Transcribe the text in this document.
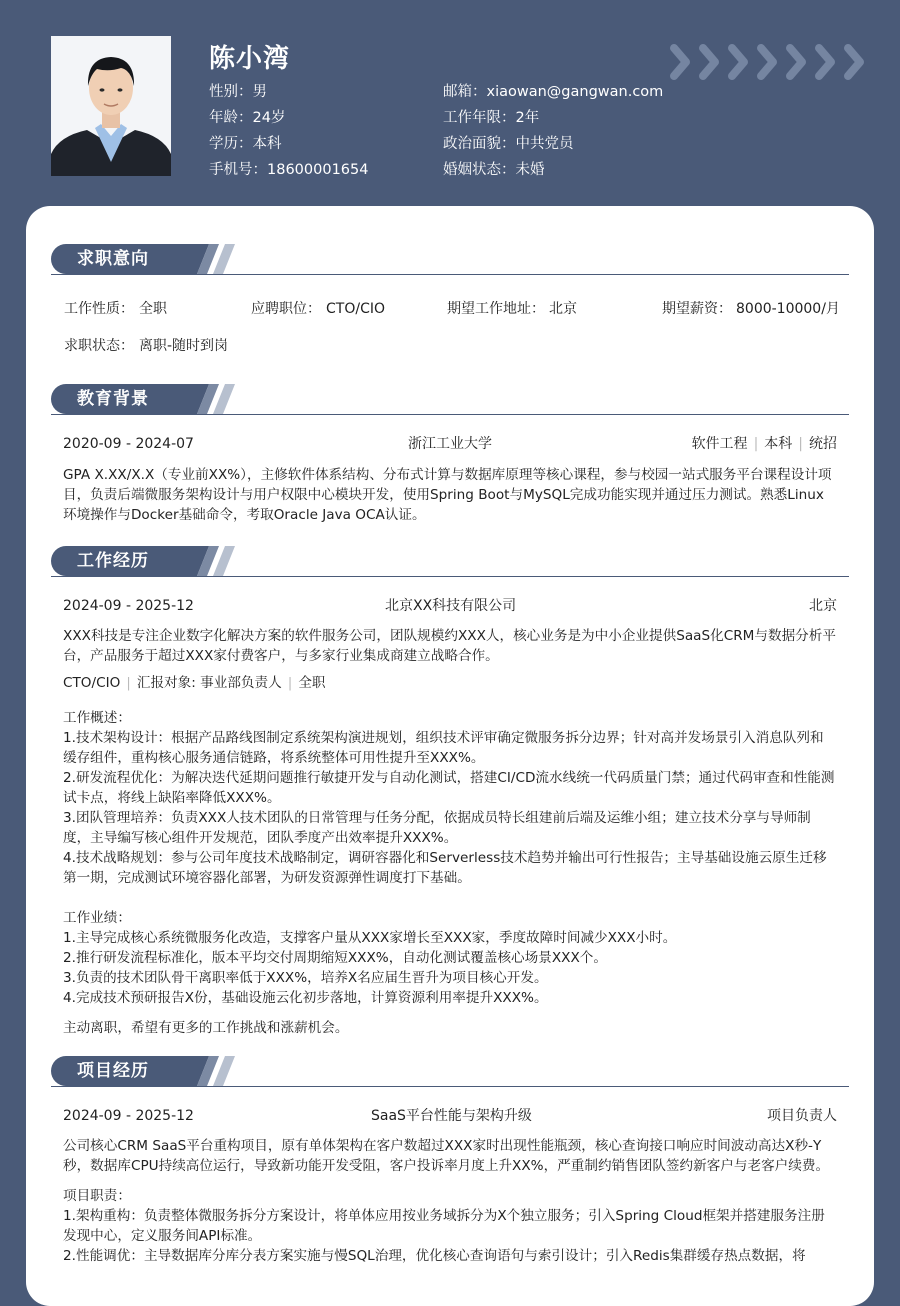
陈小湾
性别：男
年龄：24岁
学历：本科
手机号：18600001654
邮箱：xiaowan@gangwan.com
工作年限：2年
政治面貌：中共党员
婚姻状态：未婚
求职意向
工作性质： 全职	应聘职位： CTO/CIO	期望工作地址： 北京	期望薪资： 8000-10000/月
求职状态： 离职-随时到岗
教育背景
2020-09 - 2024-07	浙江工业大学	软件工程 | 本科 | 统招
GPA X.XX/X.X（专业前XX%），主修软件体系结构、分布式计算与数据库原理等核心课程，参与校园一站式服务平台课程设计项目，负责后端微服务架构设计与用户权限中心模块开发，使用Spring Boot与MySQL完成功能实现并通过压力测试。熟悉Linux环境操作与Docker基础命令，考取Oracle Java OCA认证。
工作经历
2024-09 - 2025-12	北京XX科技有限公司	北京
XXX科技是专注企业数字化解决方案的软件服务公司，团队规模约XXX人，核心业务是为中小企业提供SaaS化CRM与数据分析平台，产品服务于超过XXX家付费客户，与多家行业集成商建立战略合作。
CTO/CIO | 汇报对象: 事业部负责人 | 全职
工作概述：
1.技术架构设计：根据产品路线图制定系统架构演进规划，组织技术评审确定微服务拆分边界；针对高并发场景引入消息队列和缓存组件，重构核心服务通信链路，将系统整体可用性提升至XXX%。
2.研发流程优化：为解决迭代延期问题推行敏捷开发与自动化测试，搭建CI/CD流水线统一代码质量门禁；通过代码审查和性能测试卡点，将线上缺陷率降低XXX%。
3.团队管理培养：负责XXX人技术团队的日常管理与任务分配，依据成员特长组建前后端及运维小组；建立技术分享与导师制度，主导编写核心组件开发规范，团队季度产出效率提升XXX%。
4.技术战略规划：参与公司年度技术战略制定，调研容器化和Serverless技术趋势并输出可行性报告；主导基础设施云原生迁移第一期，完成测试环境容器化部署，为研发资源弹性调度打下基础。
工作业绩：
1.主导完成核心系统微服务化改造，支撑客户量从XXX家增长至XXX家，季度故障时间减少XXX小时。
2.推行研发流程标准化，版本平均交付周期缩短XXX%，自动化测试覆盖核心场景XXX个。
3.负责的技术团队骨干离职率低于XXX%，培养X名应届生晋升为项目核心开发。
4.完成技术预研报告X份，基础设施云化初步落地，计算资源利用率提升XXX%。
主动离职，希望有更多的工作挑战和涨薪机会。
项目经历
2024-09 - 2025-12	SaaS平台性能与架构升级	项目负责人
公司核心CRM SaaS平台重构项目，原有单体架构在客户数超过XXX家时出现性能瓶颈，核心查询接口响应时间波动高达X秒-Y秒，数据库CPU持续高位运行，导致新功能开发受阻，客户投诉率月度上升XX%，严重制约销售团队签约新客户与老客户续费。
项目职责：
1.架构重构：负责整体微服务拆分方案设计，将单体应用按业务域拆分为X个独立服务；引入Spring Cloud框架并搭建服务注册发现中心，定义服务间API标准。
2.性能调优：主导数据库分库分表方案实施与慢SQL治理，优化核心查询语句与索引设计；引入Redis集群缓存热点数据，将
